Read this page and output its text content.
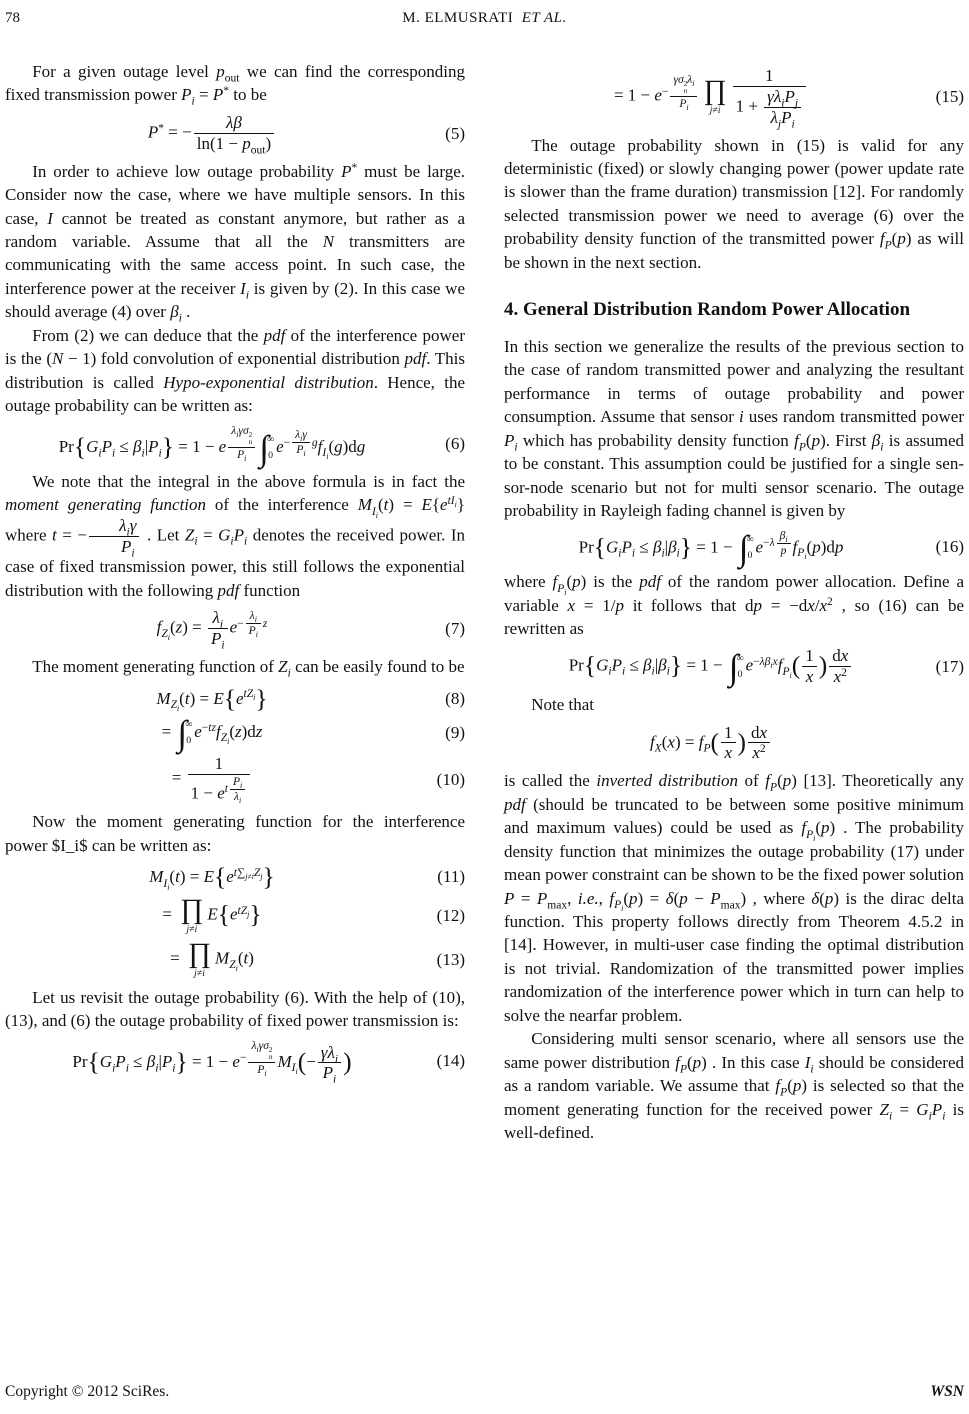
78	M. ELMUSRATI ET AL.

For a given outage level $p_{out}$ we can find the corresponding fixed transmission power $P_i = P^*$ to be

P* = − $\frac{\lambda\beta}{\ln(1 - p_{out})}$	(5)

In order to achieve low outage probability P* must be large. Consider now the case, where we have multiple sensors. In this case, I cannot be treated as constant anymore, but rather as a random variable. Assume that all the N transmitters are communicating with the same access point. In such case, the interference power at the receiver $I_i$ is given by (2). In this case we should average (4) over $\beta_i$ .

From (2) we can deduce that the pdf of the interference power is the (N − 1) fold convolution of exponential distribution pdf. This distribution is called Hypo-exponential distribution. Hence, the outage probability can be written as:

$Pr\{G_iP_i \le \beta_i|P_i\} = 1 - e$ $^{\lambda_i\gamma\sigma 2 n P_i}$ ∫
∞
0 $e^{- \frac{\lambda_i\gamma}{P_i} g}f_{I_i}(g)dg$	(6)

We note that the integral in the above formula is in fact the moment generating function of the interference $M_{I_i}(t) = E\{e^{tI_i}\}$ where t = − $\frac{\lambda_i\gamma}{P_i}$ . Let $Z_i = G_iP_i$ denotes the received power. In case of fixed transmission power, this still follows the exponential distribution with the following pdf function

$f_{Z_i}(z) = \frac{\lambda_i}{P_i} e^{- \frac{\lambda_i}{P_i} z}$	(7)

The moment generating function of $Z_i$ can be easily found to be

$M_{Z_i}(t) = E\{e^{tZ_i}\}$	(8)
= ∫
∞
0 $e^{-tz}f_{Z_i}(z)dz$	(9)
= 1
$1 - e^{t \frac{P_i}{\lambda_i}}$	(10)

Now the moment generating function for the interference power $I_i$ can be written as:

$M_{I_i}(t) = E\{e^{t\sum_{j\ne i}Z_j}\}$	(11)
= ∏
j≠i
$E\{e^{tZ_j}\}$	(12)
= ∏
j≠i
$M_{Z_i}(t)$	(13)

Let us revisit the outage probability (6). With the help of (10), (13), and (6) the outage probability of fixed power transmission is:

$Pr\{G_iP_i \le \beta_i|P_i\} = 1 - e^{- \lambda_i\gamma\sigma 2 n P_i}$ $M_{I_i}(- \frac{\gamma\lambda_i}{P_i}$ )	(14)
= $1 - e^{- \gamma\sigma 2 n \lambda_i P_i}$ ∏
$j\ne i \frac{1}{1 + \frac{\gamma\lambda_iP_j}{\lambda_jP_i}}$	(15)

The outage probability shown in (15) is valid for any deterministic (fixed) or slowly changing power (power update rate is slower than the frame duration) transmission [12]. For randomly selected transmission power we need to average (6) over the probability density function of the transmitted power $f_P(p)$ as will be shown in the next section.

4. General Distribution Random Power Allocation

In this section we generalize the results of the previous section to the case of random transmitted power and analyzing the resultant performance in terms of outage probability and power consumption. Assume that sensor i uses random transmitted power $P_i$ which has probability density function $f_P(p)$. First $\beta_i$ is assumed to be constant. This assumption could be justified for a single sensor-node scenario but not for multi sensor scenario. The outage probability in Rayleigh fading channel is given by

$Pr\{G_iP_i \le \beta_i|\beta_i\} = 1$ − ∫
∞
0 $e^{-\lambda \frac{\beta_i}{p}}$ $f_{P_i}(p)dp$	(16)

where $f_{P_i}(p)$ is the pdf of the random power allocation. Define a variable x = 1/p it follows that dp = $-dx/x^2$ , so (16) can be rewritten as

$Pr\{G_iP_i \le \beta_i|\beta_i\} = 1$ − ∫
∞
0 $e^{-\lambda\beta_ix}f_{P_i}( \frac{1}{x}$ ) $\frac{dx}{x^2}$	(17)

Note that

$f_X(x) = f_P( \frac{1}{x}$ ) $\frac{dx}{x^2}$

is called the inverted distribution of $f_P(p)$ [13]. Theoretically any pdf (should be truncated to be between some positive minimum and maximum values) could be used as $f_{P_i}(p)$ . The probability density function that minimizes the outage probability (17) under mean power constraint can be shown to be the fixed power solution $P = P_{max}$, i.e., $f_{P_i}(p) = \delta(p - P_{max})$ , where δ(p) is the dirac delta function. This property follows directly from Theorem 4.5.2 in [14]. However, in multi-user case finding the optimal distribution is not trivial. Randomization of the transmitted power implies randomization of the interference power which in turn can help to solve the nearfar problem.

Considering multi sensor scenario, where all sensors use the same power distribution $f_P(p)$ . In this case $I_i$ should be considered as a random variable. We assume that $f_P(p)$ is selected so that the moment generating function for the received power $Z_i = G_iP_i$ is well-defined.

Copyright © 2012 SciRes.	WSN
